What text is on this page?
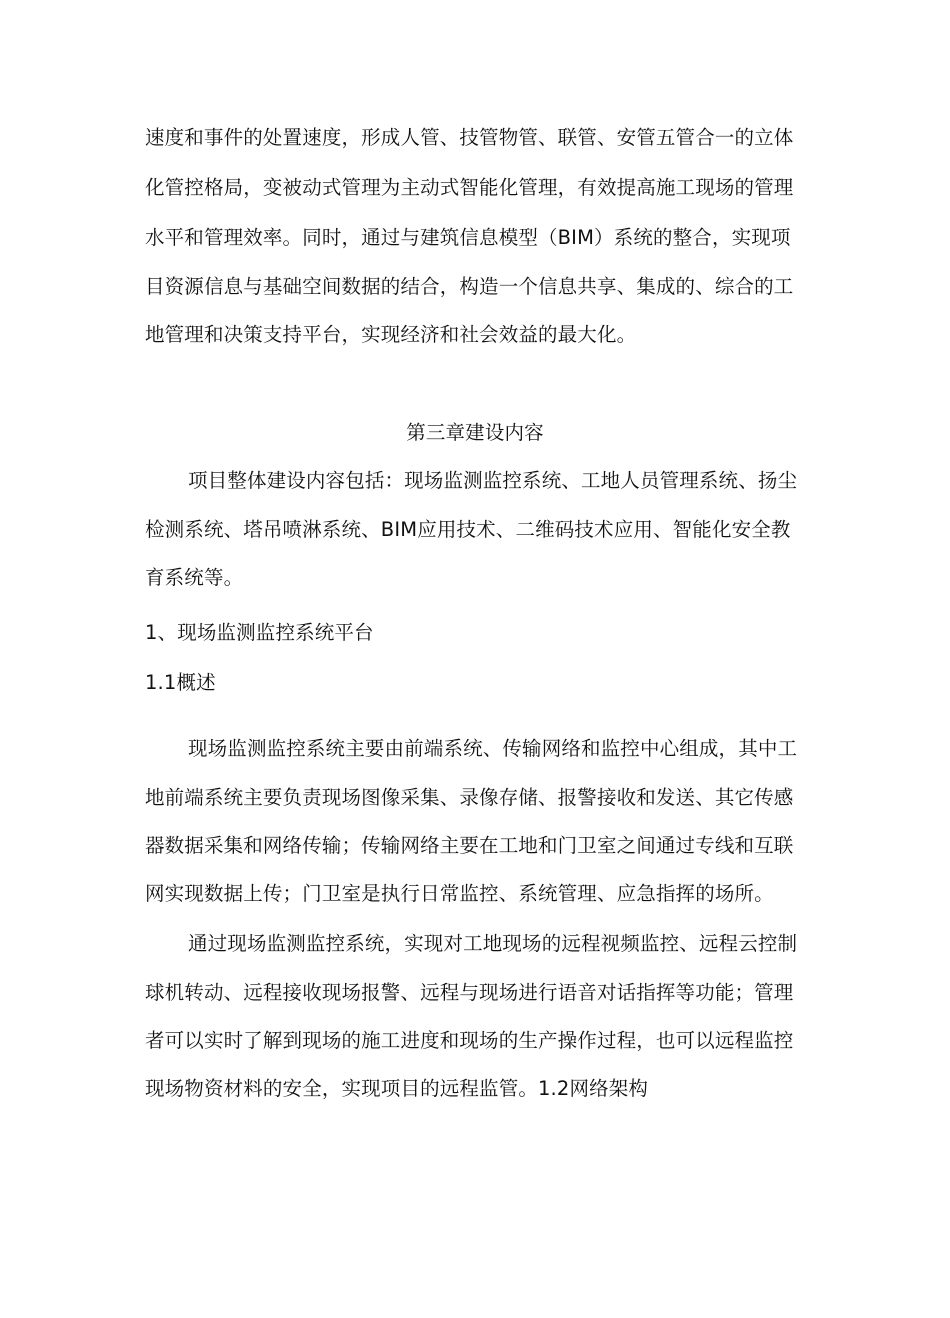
速度和事件的处置速度，形成人管、技管物管、联管、安管五管合一的立体
化管控格局，变被动式管理为主动式智能化管理，有效提高施工现场的管理
水平和管理效率。同时，通过与建筑信息模型（BIM）系统的整合，实现项
目资源信息与基础空间数据的结合，构造一个信息共享、集成的、综合的工
地管理和决策支持平台，实现经济和社会效益的最大化。
第三章建设内容
项目整体建设内容包括：现场监测监控系统、工地人员管理系统、扬尘
检测系统、塔吊喷淋系统、BIM应用技术、二维码技术应用、智能化安全教
育系统等。
1、现场监测监控系统平台
1.1概述
现场监测监控系统主要由前端系统、传输网络和监控中心组成，其中工
地前端系统主要负责现场图像采集、录像存储、报警接收和发送、其它传感
器数据采集和网络传输；传输网络主要在工地和门卫室之间通过专线和互联
网实现数据上传；门卫室是执行日常监控、系统管理、应急指挥的场所。
通过现场监测监控系统，实现对工地现场的远程视频监控、远程云控制
球机转动、远程接收现场报警、远程与现场进行语音对话指挥等功能；管理
者可以实时了解到现场的施工进度和现场的生产操作过程，也可以远程监控
现场物资材料的安全，实现项目的远程监管。1.2网络架构
